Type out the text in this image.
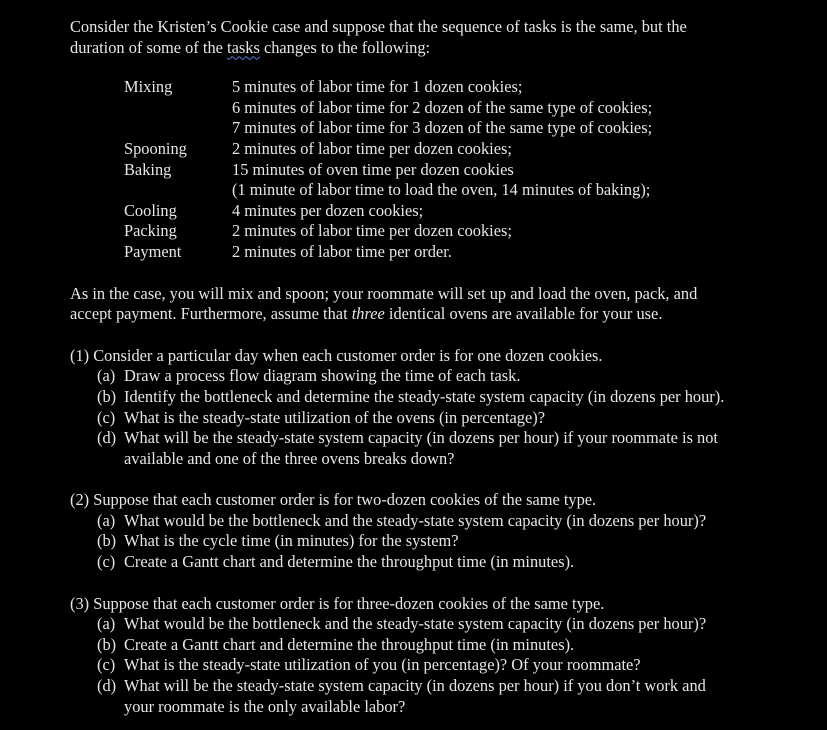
Consider the Kristen’s Cookie case and suppose that the sequence of tasks is the same, but the
duration of some of the tasks changes to the following:
Mixing	5 minutes of labor time for 1 dozen cookies;
6 minutes of labor time for 2 dozen of the same type of cookies;
7 minutes of labor time for 3 dozen of the same type of cookies;
Spooning	2 minutes of labor time per dozen cookies;
Baking	15 minutes of oven time per dozen cookies
(1 minute of labor time to load the oven, 14 minutes of baking);
Cooling	4 minutes per dozen cookies;
Packing	2 minutes of labor time per dozen cookies;
Payment	2 minutes of labor time per order.
As in the case, you will mix and spoon; your roommate will set up and load the oven, pack, and
accept payment. Furthermore, assume that three identical ovens are available for your use.
(1) Consider a particular day when each customer order is for one dozen cookies.
(a) Draw a process flow diagram showing the time of each task.
(b) Identify the bottleneck and determine the steady-state system capacity (in dozens per hour).
(c) What is the steady-state utilization of the ovens (in percentage)?
(d) What will be the steady-state system capacity (in dozens per hour) if your roommate is not
available and one of the three ovens breaks down?
(2) Suppose that each customer order is for two-dozen cookies of the same type.
(a) What would be the bottleneck and the steady-state system capacity (in dozens per hour)?
(b) What is the cycle time (in minutes) for the system?
(c) Create a Gantt chart and determine the throughput time (in minutes).
(3) Suppose that each customer order is for three-dozen cookies of the same type.
(a) What would be the bottleneck and the steady-state system capacity (in dozens per hour)?
(b) Create a Gantt chart and determine the throughput time (in minutes).
(c) What is the steady-state utilization of you (in percentage)? Of your roommate?
(d) What will be the steady-state system capacity (in dozens per hour) if you don’t work and
your roommate is the only available labor?
